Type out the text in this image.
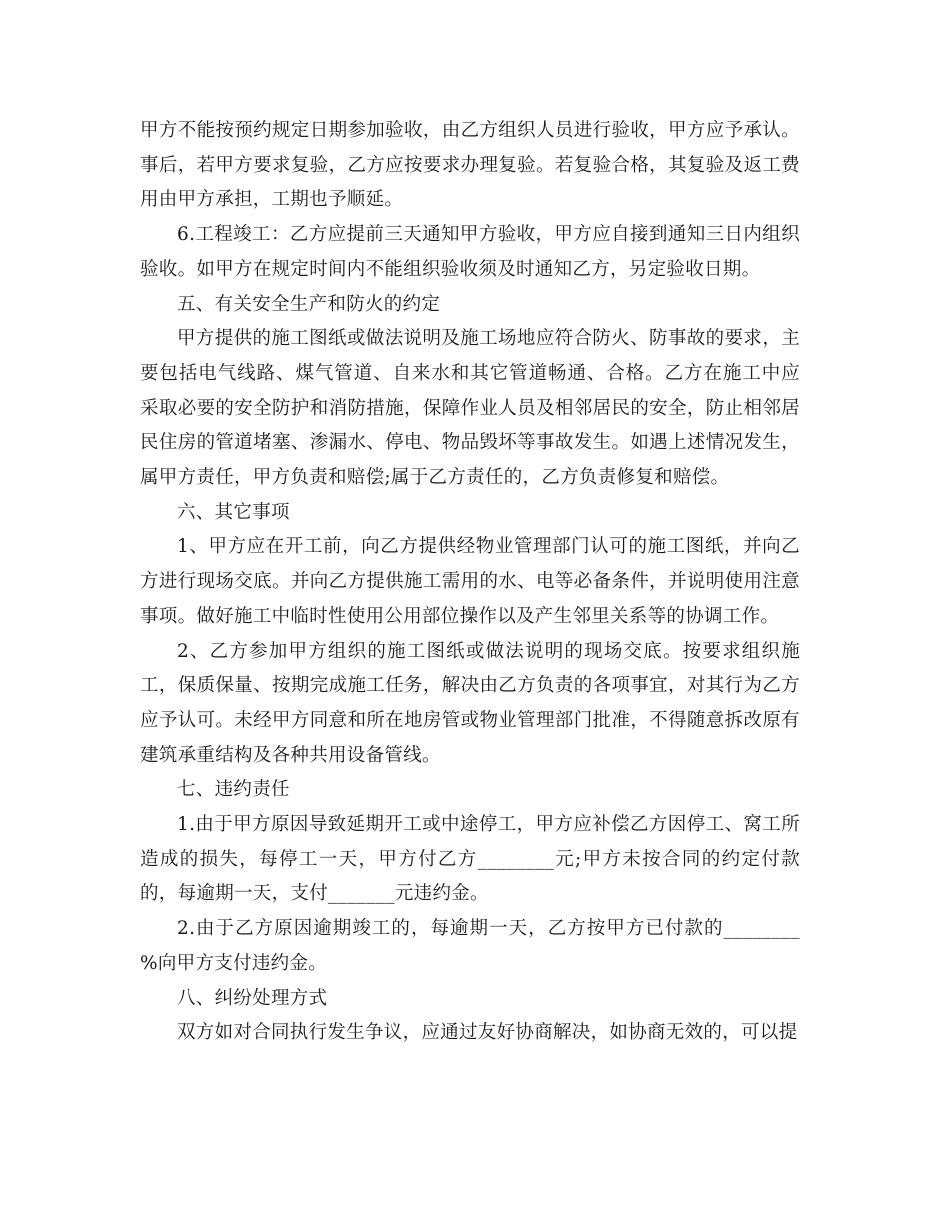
甲方不能按预约规定日期参加验收，由乙方组织人员进行验收，甲方应予承认。事后，若甲方要求复验，乙方应按要求办理复验。若复验合格，其复验及返工费用由甲方承担，工期也予顺延。

6.工程竣工：乙方应提前三天通知甲方验收，甲方应自接到通知三日内组织验收。如甲方在规定时间内不能组织验收须及时通知乙方，另定验收日期。

五、有关安全生产和防火的约定

甲方提供的施工图纸或做法说明及施工场地应符合防火、防事故的要求，主要包括电气线路、煤气管道、自来水和其它管道畅通、合格。乙方在施工中应 采取必要的安全防护和消防措施，保障作业人员及相邻居民的安全，防止相邻居民住房的管道堵塞、渗漏水、停电、物品毁坏等事故发生。如遇上述情况发生，属甲方责任，甲方负责和赔偿;属于乙方责任的，乙方负责修复和赔偿。

六、其它事项

1、甲方应在开工前，向乙方提供经物业管理部门认可的施工图纸，并向乙方进行现场交底。并向乙方提供施工需用的水、电等必备条件，并说明使用注意事项。做好施工中临时性使用公用部位操作以及产生邻里关系等的协调工作。

2、乙方参加甲方组织的施工图纸或做法说明的现场交底。按要求组织施工，保质保量、按期完成施工任务，解决由乙方负责的各项事宜，对其行为乙方应予认可。未经甲方同意和所在地房管或物业管理部门批准，不得随意拆改原有建筑承重结构及各种共用设备管线。

七、违约责任

1.由于甲方原因导致延期开工或中途停工，甲方应补偿乙方因停工、窝工所造成的损失，每停工一天，甲方付乙方________元;甲方未按合同的约定付款的，每逾期一天，支付_______元违约金。

2.由于乙方原因逾期竣工的，每逾期一天，乙方按甲方已付款的________ %向甲方支付违约金。

八、纠纷处理方式

双方如对合同执行发生争议，应通过友好协商解决，如协商无效的，可以提
